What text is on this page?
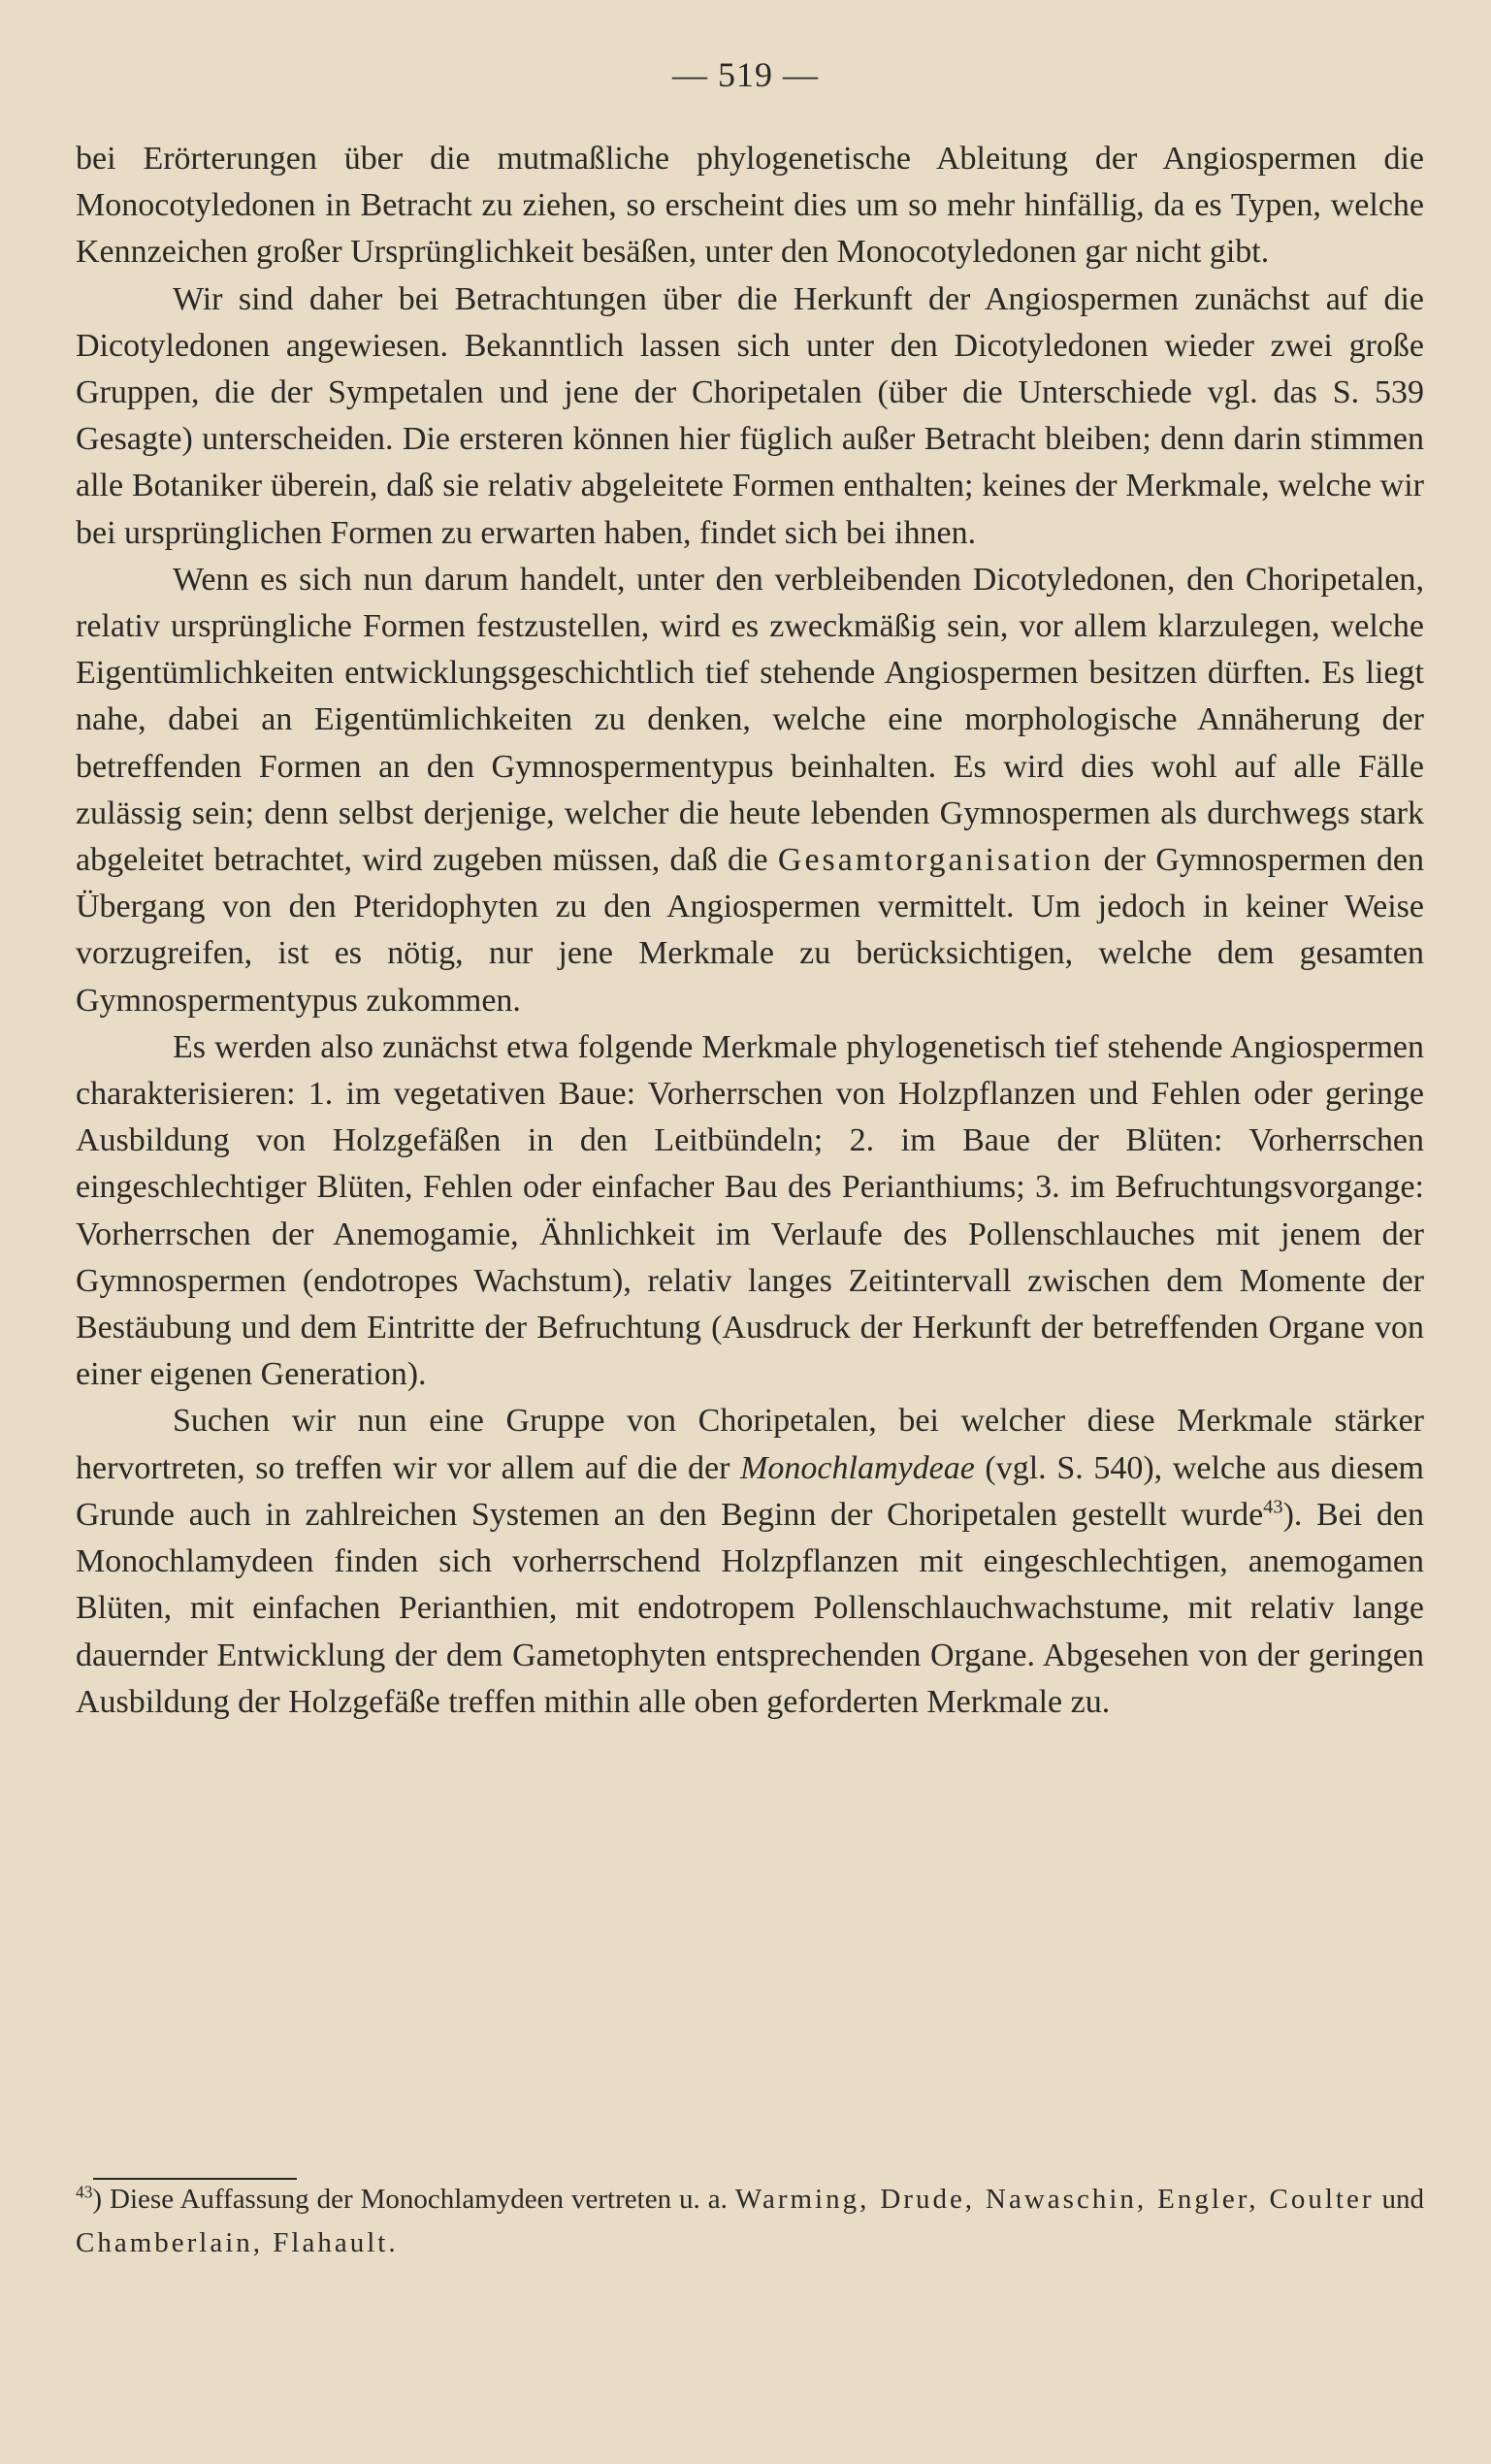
— 519 —

bei Erörterungen über die mutmaßliche phylogenetische Ableitung der Angiospermen die Monocotyledonen in Betracht zu ziehen, so erscheint dies um so mehr hinfällig, da es Typen, welche Kennzeichen großer Ursprünglichkeit besäßen, unter den Monocotyledonen gar nicht gibt.

Wir sind daher bei Betrachtungen über die Herkunft der Angiospermen zunächst auf die Dicotyledonen angewiesen. Bekanntlich lassen sich unter den Dicotyledonen wieder zwei große Gruppen, die der Sympetalen und jene der Choripetalen (über die Unterschiede vgl. das S. 539 Gesagte) unterscheiden. Die ersteren können hier füglich außer Betracht bleiben; denn darin stimmen alle Botaniker überein, daß sie relativ abgeleitete Formen enthalten; keines der Merkmale, welche wir bei ursprünglichen Formen zu erwarten haben, findet sich bei ihnen.

Wenn es sich nun darum handelt, unter den verbleibenden Dicotyledonen, den Choripetalen, relativ ursprüngliche Formen festzustellen, wird es zweckmäßig sein, vor allem klarzulegen, welche Eigentümlichkeiten entwicklungsgeschichtlich tief stehende Angiospermen besitzen dürften. Es liegt nahe, dabei an Eigentümlichkeiten zu denken, welche eine morphologische Annäherung der betreffenden Formen an den Gymnospermentypus beinhalten. Es wird dies wohl auf alle Fälle zulässig sein; denn selbst derjenige, welcher die heute lebenden Gymnospermen als durchwegs stark abgeleitet betrachtet, wird zugeben müssen, daß die Gesamtorganisation der Gymnospermen den Übergang von den Pteridophyten zu den Angiospermen vermittelt. Um jedoch in keiner Weise vorzugreifen, ist es nötig, nur jene Merkmale zu berücksichtigen, welche dem gesamten Gymnospermentypus zukommen.

Es werden also zunächst etwa folgende Merkmale phylogenetisch tief stehende Angiospermen charakterisieren: 1. im vegetativen Baue: Vorherrschen von Holzpflanzen und Fehlen oder geringe Ausbildung von Holzgefäßen in den Leitbündeln; 2. im Baue der Blüten: Vorherrschen eingeschlechtiger Blüten, Fehlen oder einfacher Bau des Perianthiums; 3. im Befruchtungsvorgange: Vorherrschen der Anemogamie, Ähnlichkeit im Verlaufe des Pollenschlauches mit jenem der Gymnospermen (endotropes Wachstum), relativ langes Zeitintervall zwischen dem Momente der Bestäubung und dem Eintritte der Befruchtung (Ausdruck der Herkunft der betreffenden Organe von einer eigenen Generation).

Suchen wir nun eine Gruppe von Choripetalen, bei welcher diese Merkmale stärker hervortreten, so treffen wir vor allem auf die der Monochlamydeae (vgl. S. 540), welche aus diesem Grunde auch in zahlreichen Systemen an den Beginn der Choripetalen gestellt wurde$^{43}$). Bei den Monochlamydeen finden sich vorherrschend Holzpflanzen mit eingeschlechtigen, anemogamen Blüten, mit einfachen Perianthien, mit endotropem Pollenschlauchwachstume, mit relativ lange dauernder Entwicklung der dem Gametophyten entsprechenden Organe. Abgesehen von der geringen Ausbildung der Holzgefäße treffen mithin alle oben geforderten Merkmale zu.

$^{43}$) Diese Auffassung der Monochlamydeen vertreten u. a. Warming, Drude, Nawaschin, Engler, Coulter und Chamberlain, Flahault.
